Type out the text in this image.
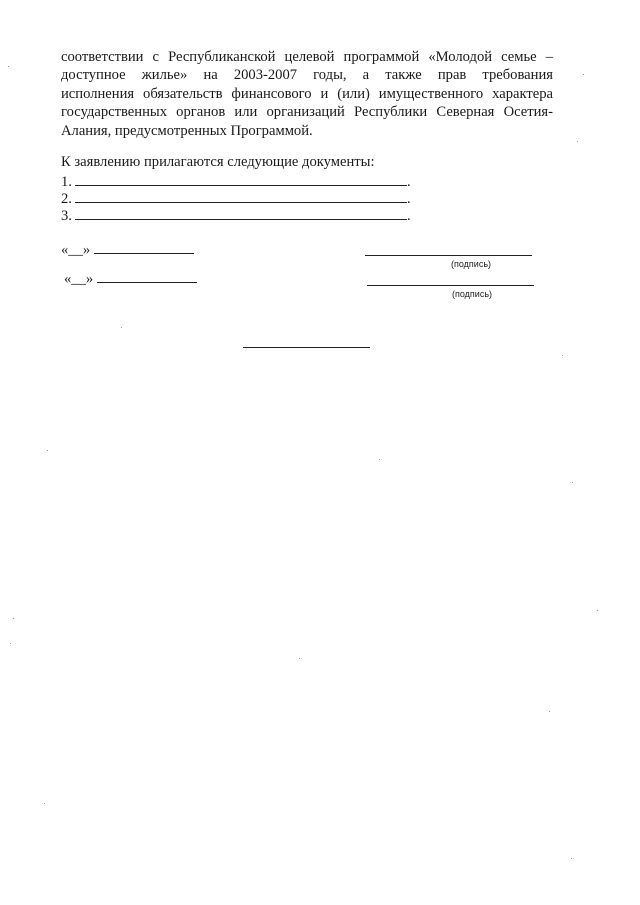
соответствии с Республиканской целевой программой «Молодой семье –
доступное жилье» на 2003-2007 годы, а также прав требования
исполнения обязательств финансового и (или) имущественного характера
государственных органов или организаций Республики Северная Осетия-
Алания, предусмотренных Программой.
К заявлению прилагаются следующие документы:
1.	.
2.	.
3.	.
«__»
(подпись)
«__»
(подпись)
